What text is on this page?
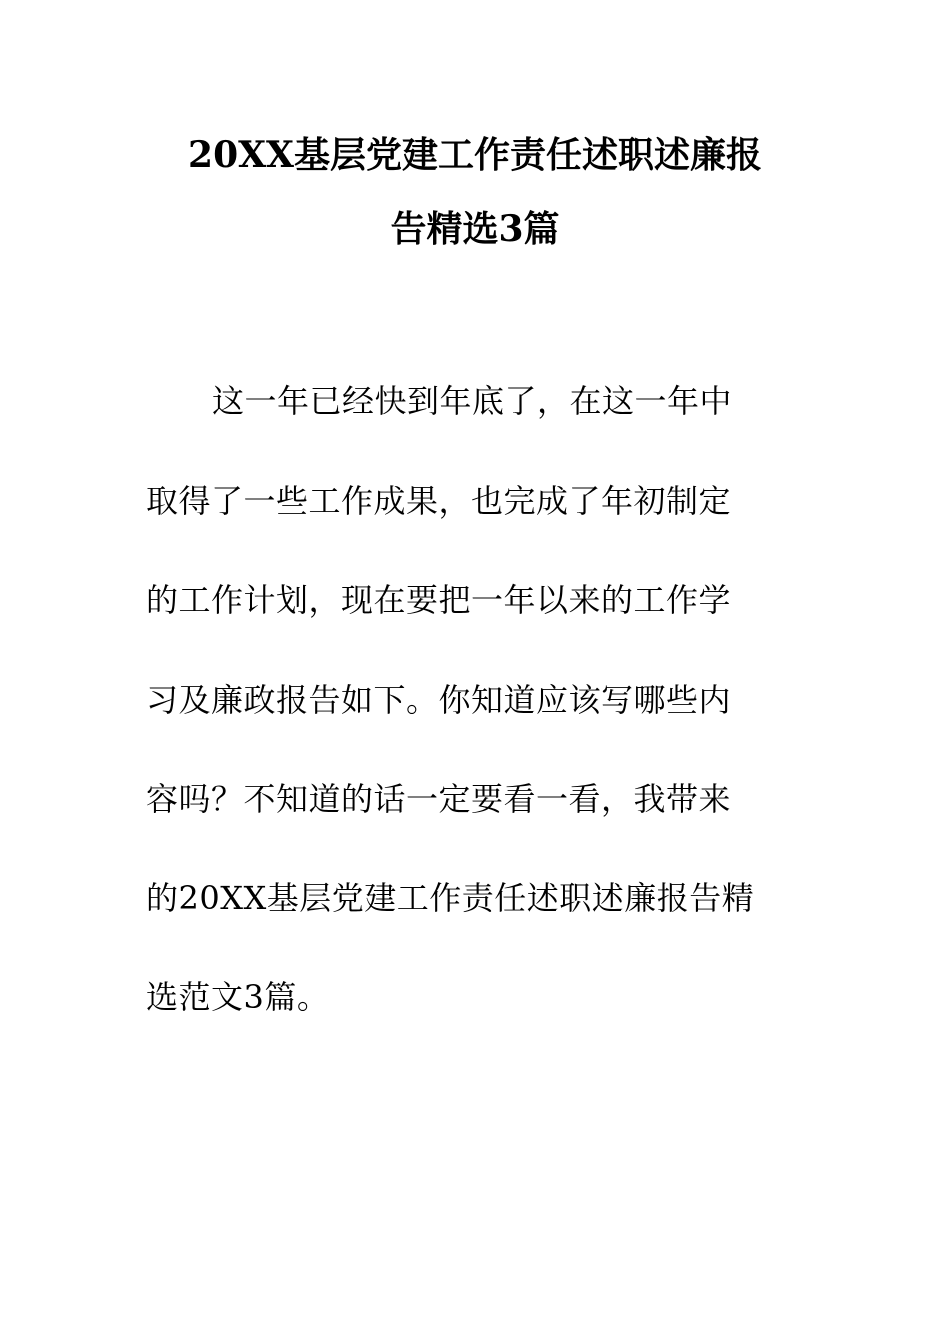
20XX基层党建工作责任述职述廉报
告精选3篇
这一年已经快到年底了，在这一年中
取得了一些工作成果，也完成了年初制定
的工作计划，现在要把一年以来的工作学
习及廉政报告如下。你知道应该写哪些内
容吗？不知道的话一定要看一看，我带来
的20XX基层党建工作责任述职述廉报告精
选范文3篇。
